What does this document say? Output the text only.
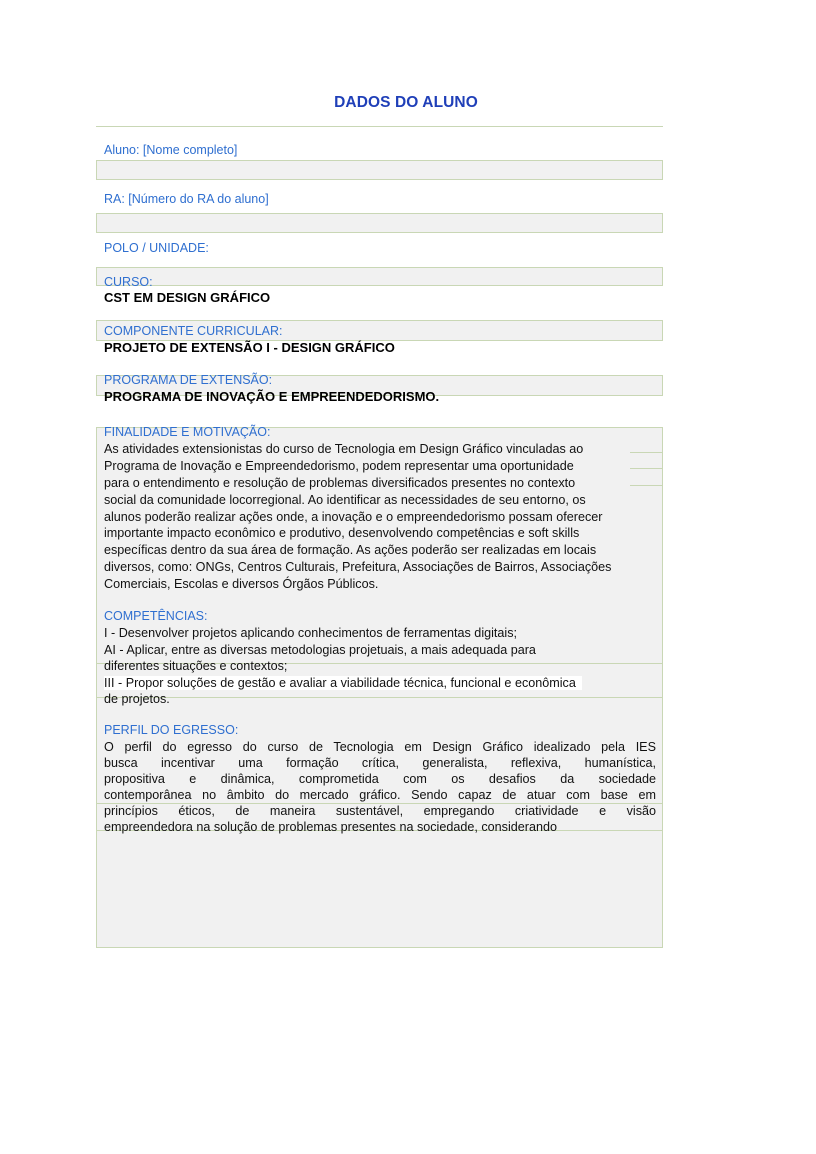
DADOS DO ALUNO
Aluno: [Nome completo]
RA: [Número do RA do aluno]
POLO / UNIDADE:
CURSO:
CST EM DESIGN GRÁFICO
COMPONENTE CURRICULAR:
PROJETO DE EXTENSÃO I - DESIGN GRÁFICO
PROGRAMA DE EXTENSÃO:
PROGRAMA DE INOVAÇÃO E EMPREENDEDORISMO.
FINALIDADE E MOTIVAÇÃO:
As atividades extensionistas do curso de Tecnologia em Design Gráfico vinculadas ao
Programa de Inovação e Empreendedorismo, podem representar uma oportunidade
para o entendimento e resolução de problemas diversificados presentes no contexto
social da comunidade locorregional. Ao identificar as necessidades de seu entorno, os
alunos poderão realizar ações onde, a inovação e o empreendedorismo possam oferecer
importante impacto econômico e produtivo, desenvolvendo competências e soft skills
específicas dentro da sua área de formação. As ações poderão ser realizadas em locais
diversos, como: ONGs, Centros Culturais, Prefeitura, Associações de Bairros, Associações
Comerciais, Escolas e diversos Órgãos Públicos.
COMPETÊNCIAS:
I - Desenvolver projetos aplicando conhecimentos de ferramentas digitais;
AI - Aplicar, entre as diversas metodologias projetuais, a mais adequada para
diferentes situações e contextos;
III - Propor soluções de gestão e avaliar a viabilidade técnica, funcional e econômica
de projetos.
PERFIL DO EGRESSO:
O perfil do egresso do curso de Tecnologia em Design Gráfico idealizado pela IES
busca incentivar uma formação crítica, generalista, reflexiva, humanística,
propositiva e dinâmica, comprometida com os desafios da sociedade
contemporânea no âmbito do mercado gráfico. Sendo capaz de atuar com base em
princípios éticos, de maneira sustentável, empregando criatividade e visão
empreendedora na solução de problemas presentes na sociedade, considerando
